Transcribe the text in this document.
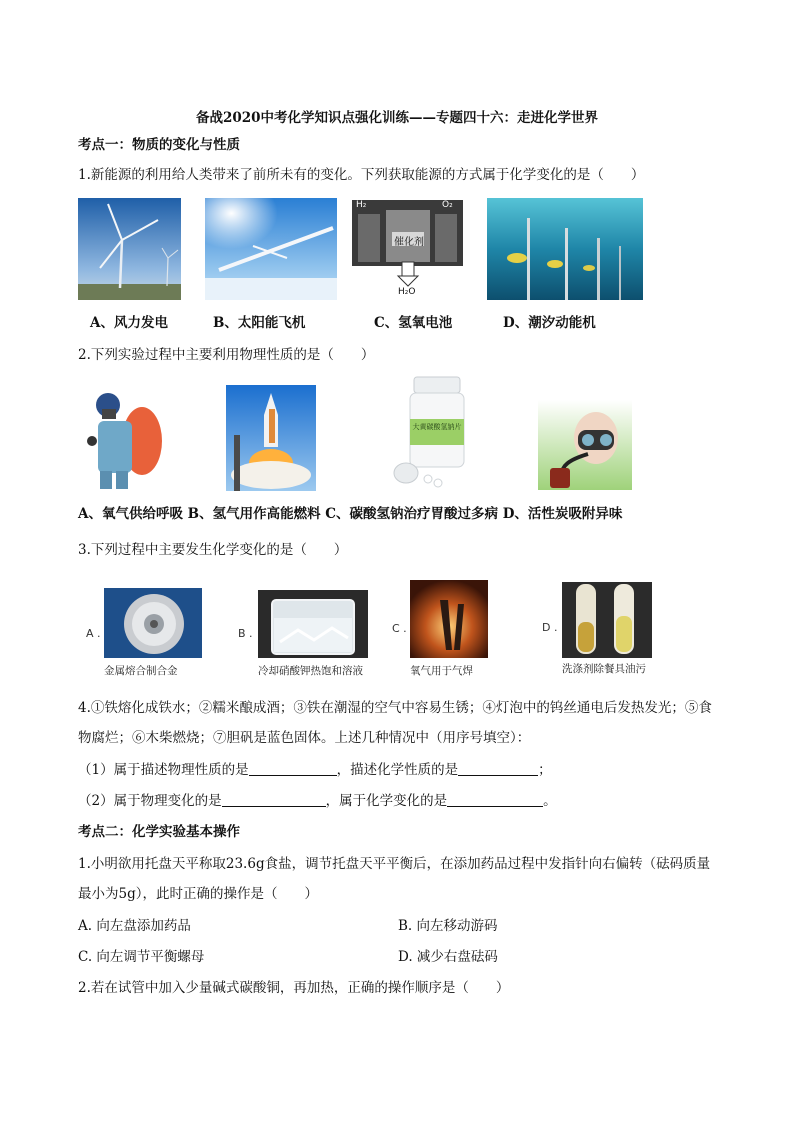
备战2020中考化学知识点强化训练——专题四十六：走进化学世界
考点一：物质的变化与性质
1.新能源的利用给人类带来了前所未有的变化。下列获取能源的方式属于化学变化的是（　　）
H₂	O₂
催化剂
H₂O
A、风力发电	B、太阳能飞机	C、氢氧电池	D、潮汐动能机
2.下列实验过程中主要利用物理性质的是（　　）
大黄碳酸氢钠片
A、氧气供给呼吸 B、氢气用作高能燃料 C、碳酸氢钠治疗胃酸过多病 D、活性炭吸附异味
3.下列过程中主要发生化学变化的是（　　）
A .
金属熔合制合金
B .
冷却硝酸钾热饱和溶液
C .
氧气用于气焊
D .
洗涤剂除餐具油污
4.①铁熔化成铁水；②糯米酿成酒；③铁在潮湿的空气中容易生锈；④灯泡中的钨丝通电后发热发光；⑤食
物腐烂；⑥木柴燃烧；⑦胆矾是蓝色固体。上述几种情况中（用序号填空）：
（1）属于描述物理性质的是	，描述化学性质的是	；
（2）属于物理变化的是	，属于化学变化的是	。
考点二：化学实验基本操作
1.小明欲用托盘天平称取23.6g食盐，调节托盘天平平衡后，在添加药品过程中发指针向右偏转（砝码质量
最小为5g），此时正确的操作是（　　）
A. 向左盘添加药品	B. 向左移动游码
C. 向左调节平衡螺母	D. 减少右盘砝码
2.若在试管中加入少量碱式碳酸铜，再加热，正确的操作顺序是（　　）
